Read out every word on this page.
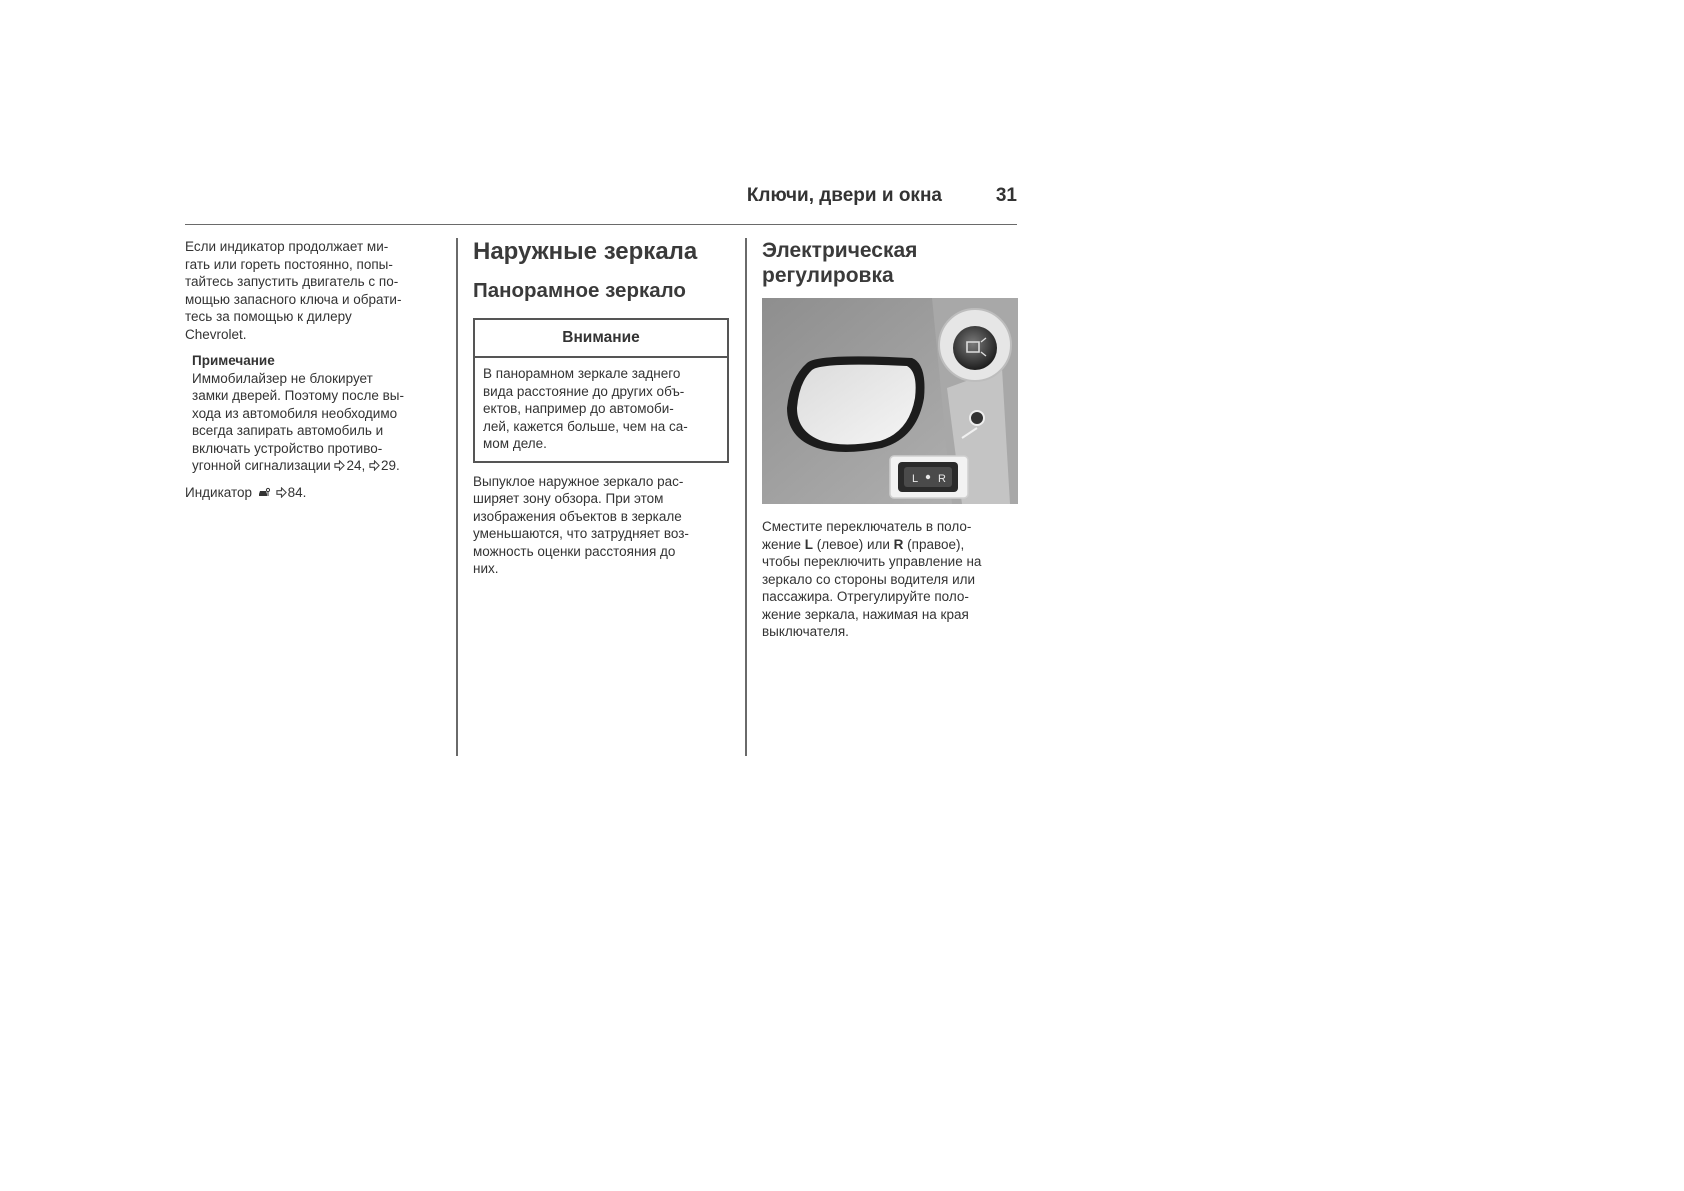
Ключи, двери и окна	31

Если индикатор продолжает ми-
гать или гореть постоянно, попы-
тайтесь запустить двигатель с по-
мощью запасного ключа и обрати-
тесь за помощью к дилеру
Chevrolet.

Примечание
Иммобилайзер не блокирует
замки дверей. Поэтому после вы-
хода из автомобиля необходимо
всегда запирать автомобиль и
включать устройство противо-
угонной сигнализации 24, 29.
Индикатор	84.
Наружные зеркала
Панорамное зеркало
Внимание
В панорамном зеркале заднего
вида расстояние до других объ-
ектов, например до автомоби-
лей, кажется больше, чем на са-
мом деле.

Выпуклое наружное зеркало рас-
ширяет зону обзора. При этом
изображения объектов в зеркале
уменьшаются, что затрудняет воз-
можность оценки расстояния до
них.

Электрическая
регулировка
L R

Сместите переключатель в поло-
жение L (левое) или R (правое),
чтобы переключить управление на
зеркало со стороны водителя или
пассажира. Отрегулируйте поло-
жение зеркала, нажимая на края
выключателя.
